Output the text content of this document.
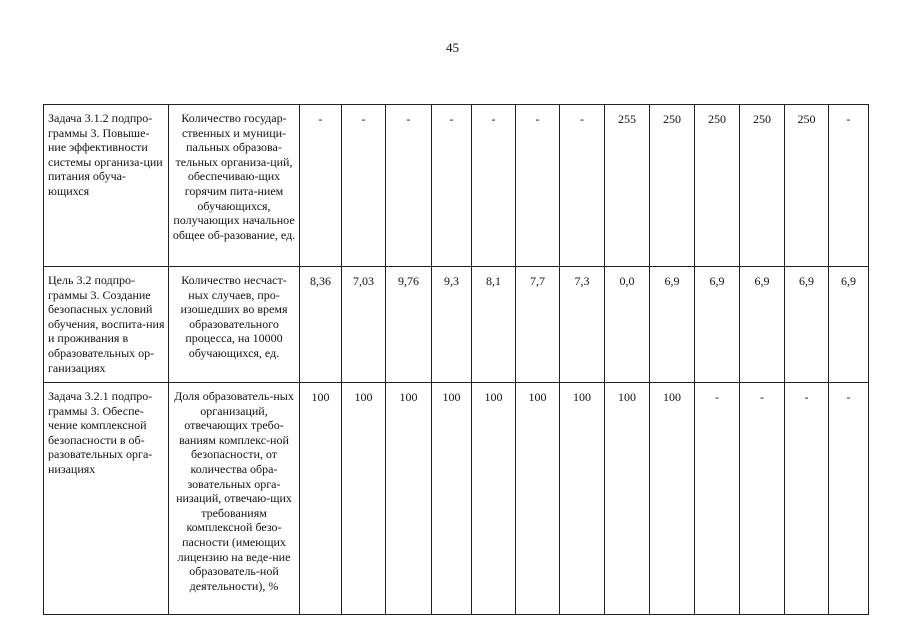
45
Задача 3.1.2 подпро-граммы 3. Повыше-ние эффективности системы организа-ции питания обуча-ющихся	Количество государ-ственных и муници-пальных образова-тельных организа-ций, обеспечиваю-щих горячим пита-нием обучающихся, получающих начальное общее об-разование, ед.	-	-	-	-	-	-	-	255	250	250	250	250	-
Цель 3.2 подпро-граммы 3. Создание безопасных условий обучения, воспита-ния и проживания в образовательных ор-ганизациях	Количество несчаст-ных случаев, про-изошедших во время образовательного процесса, на 10000 обучающихся, ед.	8,36	7,03	9,76	9,3	8,1	7,7	7,3	0,0	6,9	6,9	6,9	6,9	6,9
Задача 3.2.1 подпро-граммы 3. Обеспе-чение комплексной безопасности в об-разовательных орга-низациях	Доля образователь-ных организаций, отвечающих требо-ваниям комплекс-ной безопасности, от количества обра-зовательных орга-низаций, отвечаю-щих требованиям комплексной безо-пасности (имеющих лицензию на веде-ние образователь-ной деятельности), %	100	100	100	100	100	100	100	100	100	-	-	-	-
